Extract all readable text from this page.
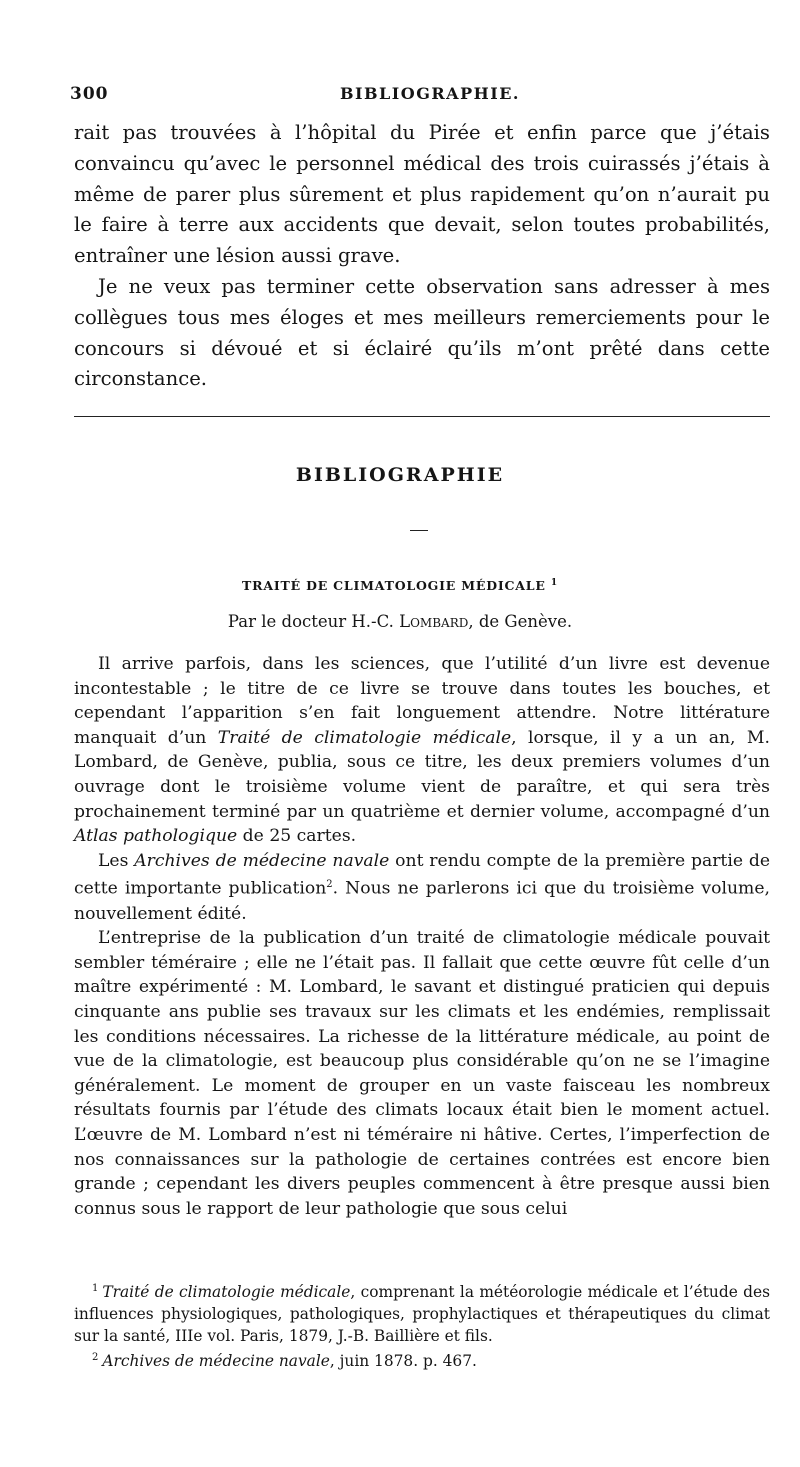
300	BIBLIOGRAPHIE.

rait pas trouvées à l’hôpital du Pirée et enfin parce que j’étais convaincu qu’avec le personnel médical des trois cuirassés j’étais à même de parer plus sûrement et plus rapidement qu’on n’aurait pu le faire à terre aux accidents que devait, selon toutes probabilités, entraîner une lésion aussi grave.

Je ne veux pas terminer cette observation sans adresser à mes collègues tous mes éloges et mes meilleurs remerciements pour le concours si dévoué et si éclairé qu’ils m’ont prêté dans cette circonstance.

BIBLIOGRAPHIE
TRAITÉ DE CLIMATOLOGIE MÉDICALE $^1$
Par le docteur H.-C. Lombard, de Genève.

Il arrive parfois, dans les sciences, que l’utilité d’un livre est devenue incontestable ; le titre de ce livre se trouve dans toutes les bouches, et cependant l’apparition s’en fait longuement attendre. Notre littérature manquait d’un Traité de climatologie médicale, lorsque, il y a un an, M. Lombard, de Genève, publia, sous ce titre, les deux premiers volumes d’un ouvrage dont le troisième volume vient de paraître, et qui sera très prochainement terminé par un quatrième et dernier volume, accompagné d’un Atlas pathologique de 25 cartes.

Les Archives de médecine navale ont rendu compte de la première partie de cette importante publication$^2$. Nous ne parlerons ici que du troisième volume, nouvellement édité.

L’entreprise de la publication d’un traité de climatologie médicale pouvait sembler téméraire ; elle ne l’était pas. Il fallait que cette œuvre fût celle d’un maître expérimenté : M. Lombard, le savant et distingué praticien qui depuis cinquante ans publie ses travaux sur les climats et les endémies, remplissait les conditions nécessaires. La richesse de la littérature médicale, au point de vue de la climatologie, est beaucoup plus considérable qu’on ne se l’imagine généralement. Le moment de grouper en un vaste faisceau les nombreux résultats fournis par l’étude des climats locaux était bien le moment actuel. L’œuvre de M. Lombard n’est ni téméraire ni hâtive. Certes, l’imperfection de nos connaissances sur la pathologie de certaines contrées est encore bien grande ; cependant les divers peuples commencent à être presque aussi bien connus sous le rapport de leur pathologie que sous celui

$^1$ Traité de climatologie médicale, comprenant la météorologie médicale et l’étude des influences physiologiques, pathologiques, prophylactiques et thérapeutiques du climat sur la santé, IIIe vol. Paris, 1879, J.-B. Baillière et fils.

$^2$ Archives de médecine navale, juin 1878. p. 467.
